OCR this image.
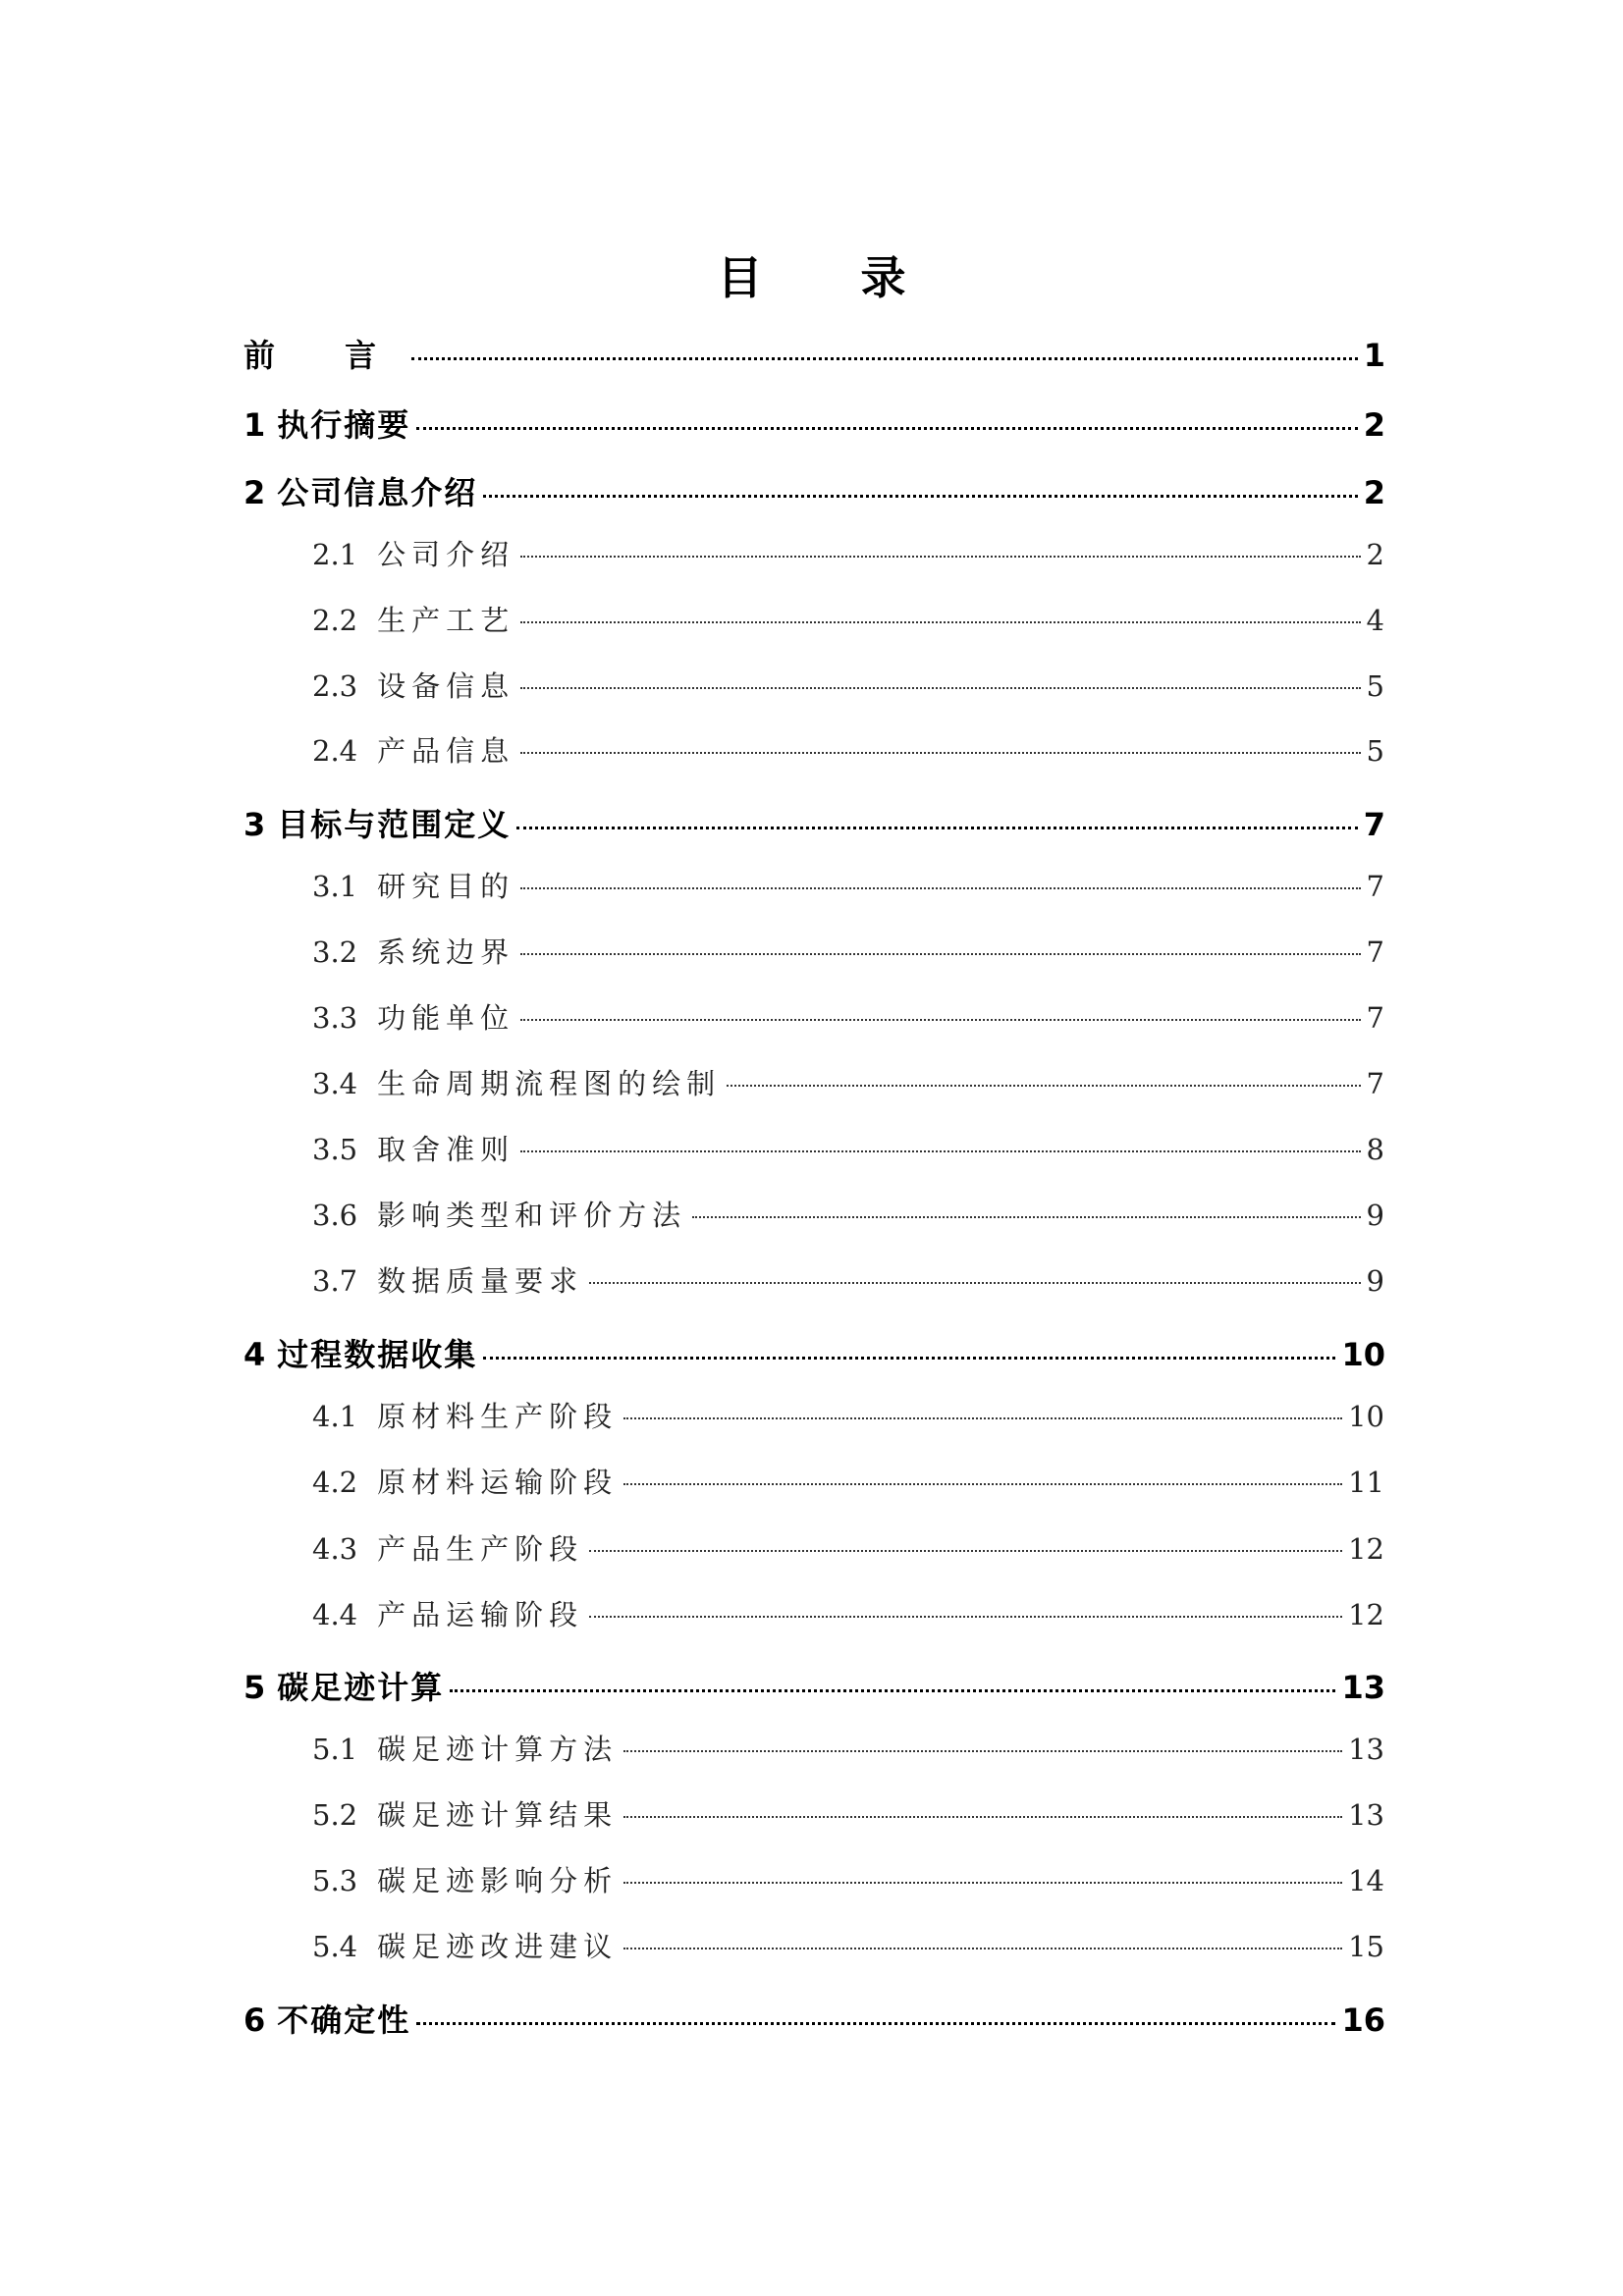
目 录
前 言	1
1 执行摘要	2
2 公司信息介绍	2
2.1 公司介绍	2
2.2 生产工艺	4
2.3 设备信息	5
2.4 产品信息	5
3 目标与范围定义	7
3.1 研究目的	7
3.2 系统边界	7
3.3 功能单位	7
3.4 生命周期流程图的绘制	7
3.5 取舍准则	8
3.6 影响类型和评价方法	9
3.7 数据质量要求	9
4 过程数据收集	10
4.1 原材料生产阶段	10
4.2 原材料运输阶段	11
4.3 产品生产阶段	12
4.4 产品运输阶段	12
5 碳足迹计算	13
5.1 碳足迹计算方法	13
5.2 碳足迹计算结果	13
5.3 碳足迹影响分析	14
5.4 碳足迹改进建议	15
6 不确定性	16
